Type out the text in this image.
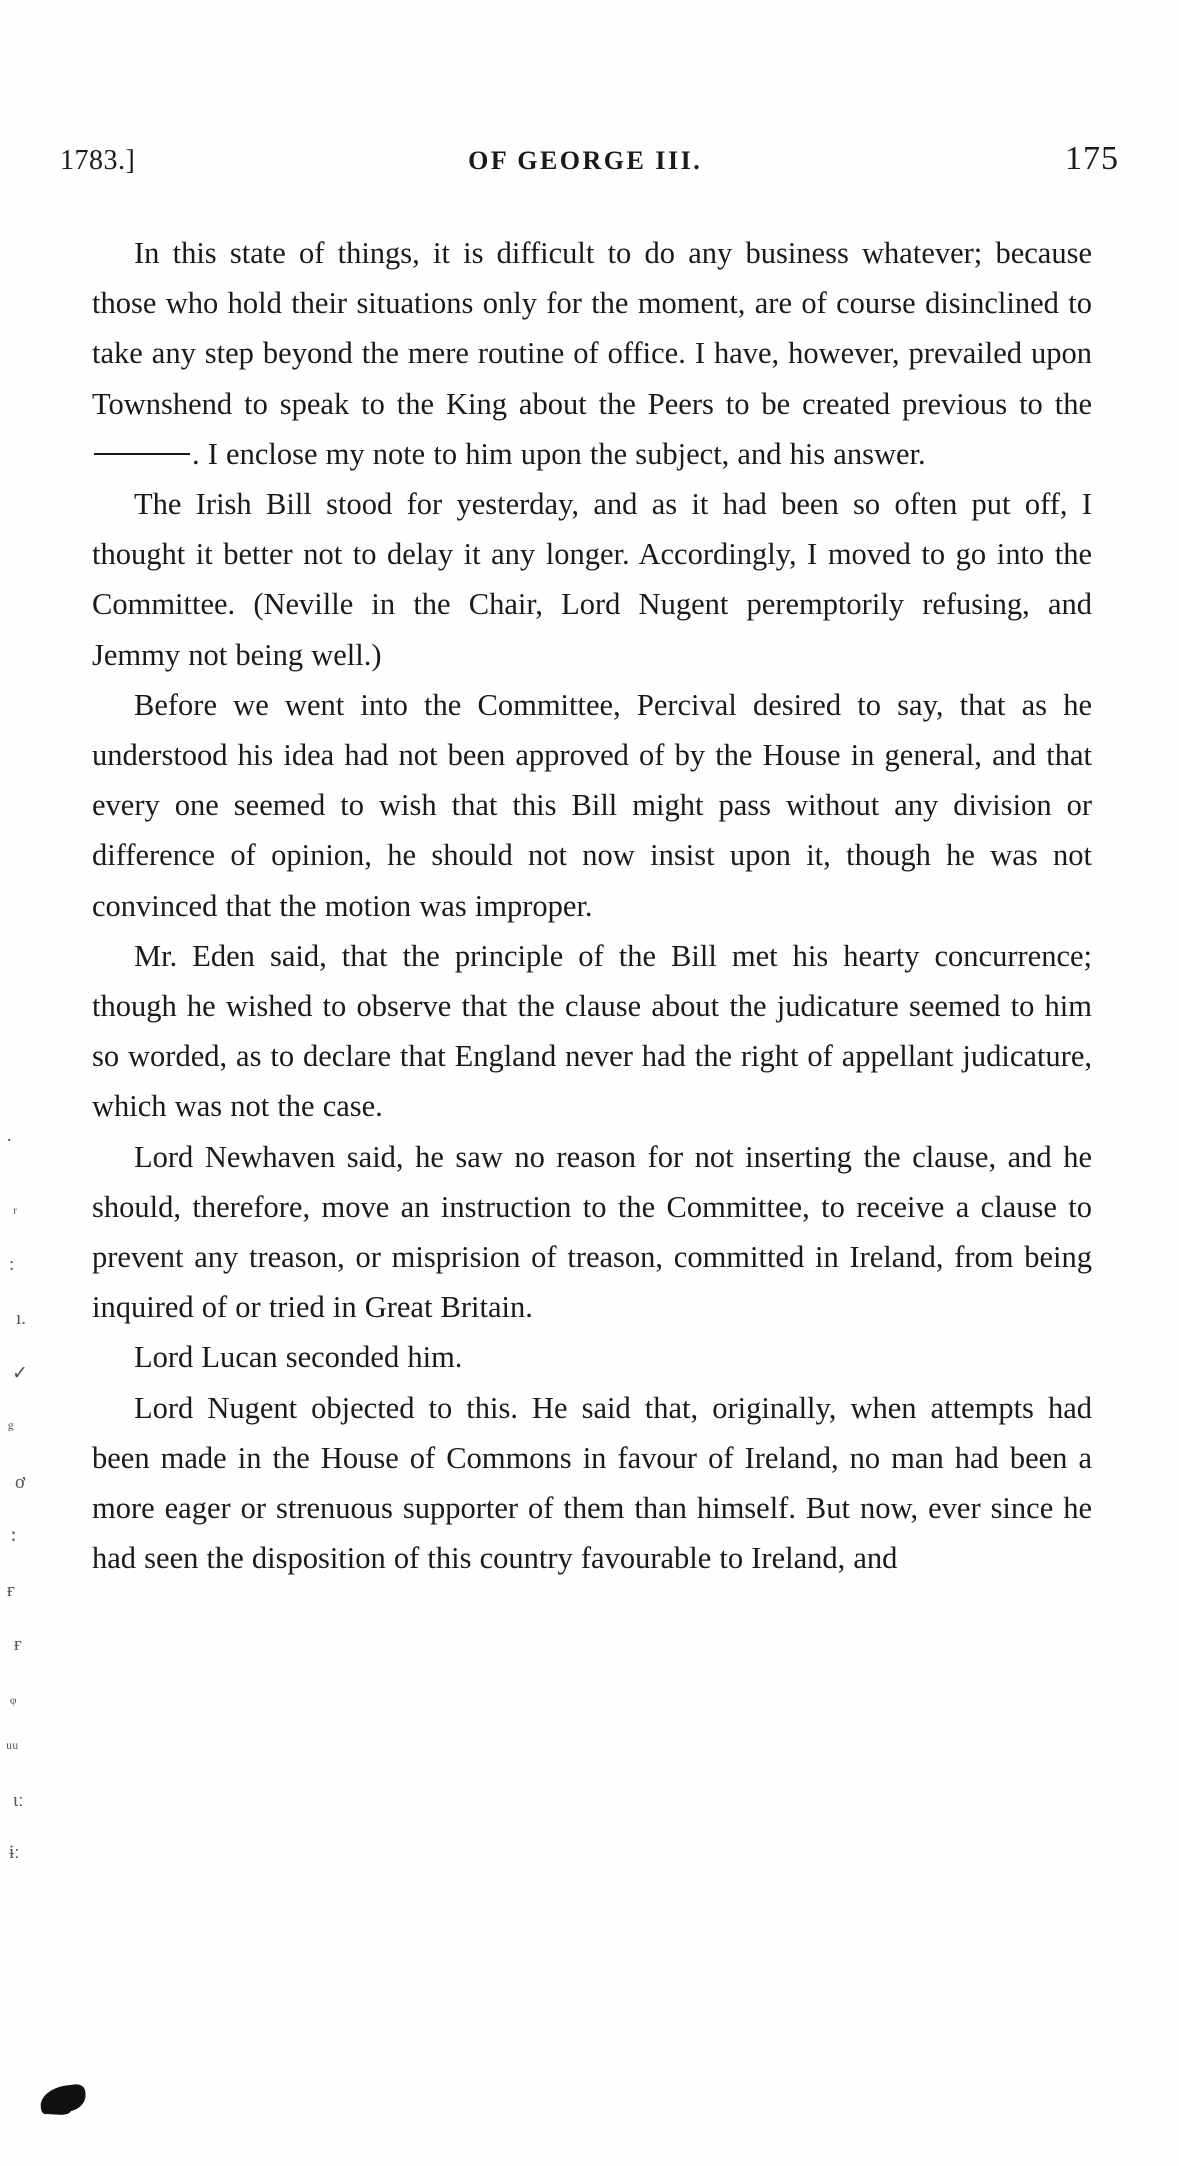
1783.]	OF GEORGE III.	175

In this state of things, it is difficult to do any business whatever; because those who hold their situations only for the moment, are of course disinclined to take any step beyond the mere routine of office. I have, however, prevailed upon Townshend to speak to the King about the Peers to be created previous to the . I enclose my note to him upon the subject, and his answer.

The Irish Bill stood for yesterday, and as it had been so often put off, I thought it better not to delay it any longer. Accordingly, I moved to go into the Committee. (Neville in the Chair, Lord Nugent peremptorily refusing, and Jemmy not being well.)

Before we went into the Committee, Percival desired to say, that as he understood his idea had not been approved of by the House in general, and that every one seemed to wish that this Bill might pass without any division or difference of opinion, he should not now insist upon it, though he was not convinced that the motion was improper.

Mr. Eden said, that the principle of the Bill met his hearty concurrence; though he wished to observe that the clause about the judicature seemed to him so worded, as to declare that England never had the right of appellant judicature, which was not the case.

Lord Newhaven said, he saw no reason for not inserting the clause, and he should, therefore, move an instruction to the Committee, to receive a clause to prevent any treason, or misprision of treason, committed in Ireland, from being inquired of or tried in Great Britain.

Lord Lucan seconded him.

Lord Nugent objected to this. He said that, originally, when attempts had been made in the House of Commons in favour of Ireland, no man had been a more eager or strenuous supporter of them than himself. But now, ever since he had seen the disposition of this country favourable to Ireland, and

·
ᵣ
:
ı.
✓
ᵍ
ơ
∶
ғ
ғ
ᵩ
ᵘᵘ
ɩː
ɨː
